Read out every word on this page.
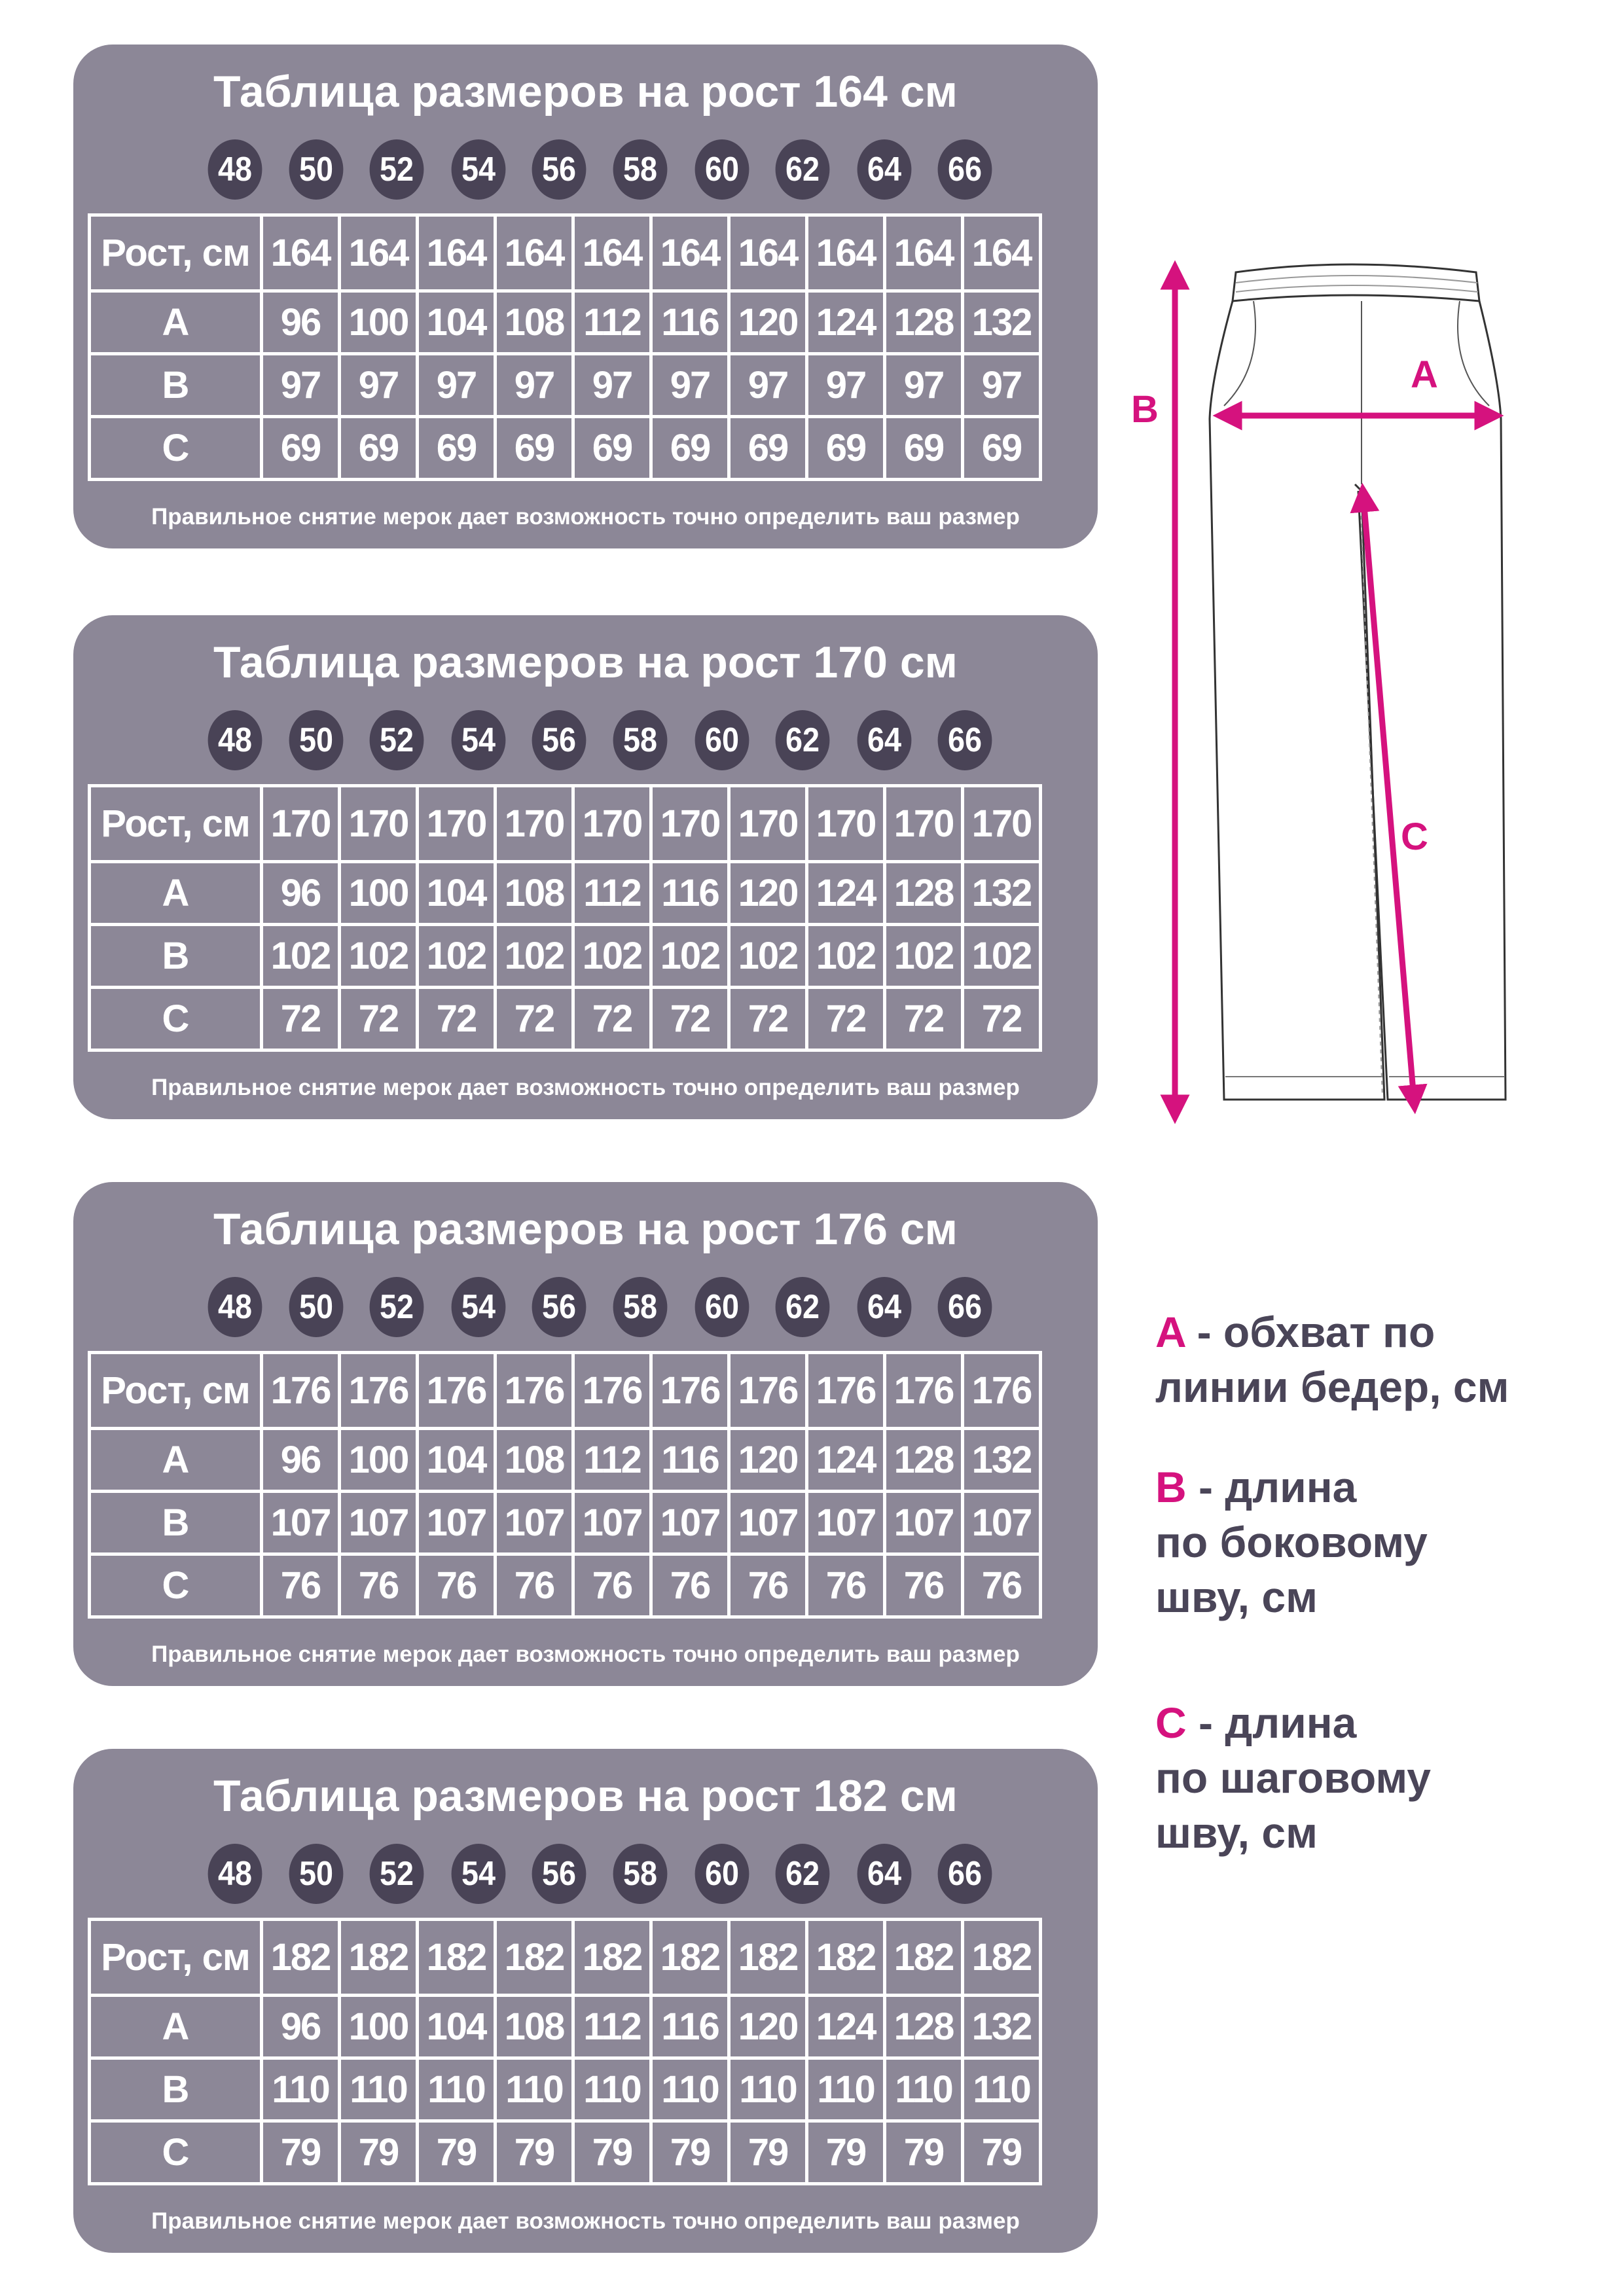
Таблица размеров на рост 164 см
48 50 52 54 56 58 60 62 64 66
Рост, см	164	164	164	164	164	164	164	164	164	164
A	96	100	104	108	112	116	120	124	128	132
B	97	97	97	97	97	97	97	97	97	97
C	69	69	69	69	69	69	69	69	69	69
Правильное снятие мерок дает возможность точно определить ваш размер
Таблица размеров на рост 170 см
48 50 52 54 56 58 60 62 64 66
Рост, см	170	170	170	170	170	170	170	170	170	170
A	96	100	104	108	112	116	120	124	128	132
B	102	102	102	102	102	102	102	102	102	102
C	72	72	72	72	72	72	72	72	72	72
Правильное снятие мерок дает возможность точно определить ваш размер
Таблица размеров на рост 176 см
48 50 52 54 56 58 60 62 64 66
Рост, см	176	176	176	176	176	176	176	176	176	176
A	96	100	104	108	112	116	120	124	128	132
B	107	107	107	107	107	107	107	107	107	107
C	76	76	76	76	76	76	76	76	76	76
Правильное снятие мерок дает возможность точно определить ваш размер
Таблица размеров на рост 182 см
48 50 52 54 56 58 60 62 64 66
Рост, см	182	182	182	182	182	182	182	182	182	182
A	96	100	104	108	112	116	120	124	128	132
B	110	110	110	110	110	110	110	110	110	110
C	79	79	79	79	79	79	79	79	79	79
Правильное снятие мерок дает возможность точно определить ваш размер
A
B
C
A - обхват по
линии бедер, см
B - длина
по боковому
шву, см
C - длина
по шаговому
шву, см
